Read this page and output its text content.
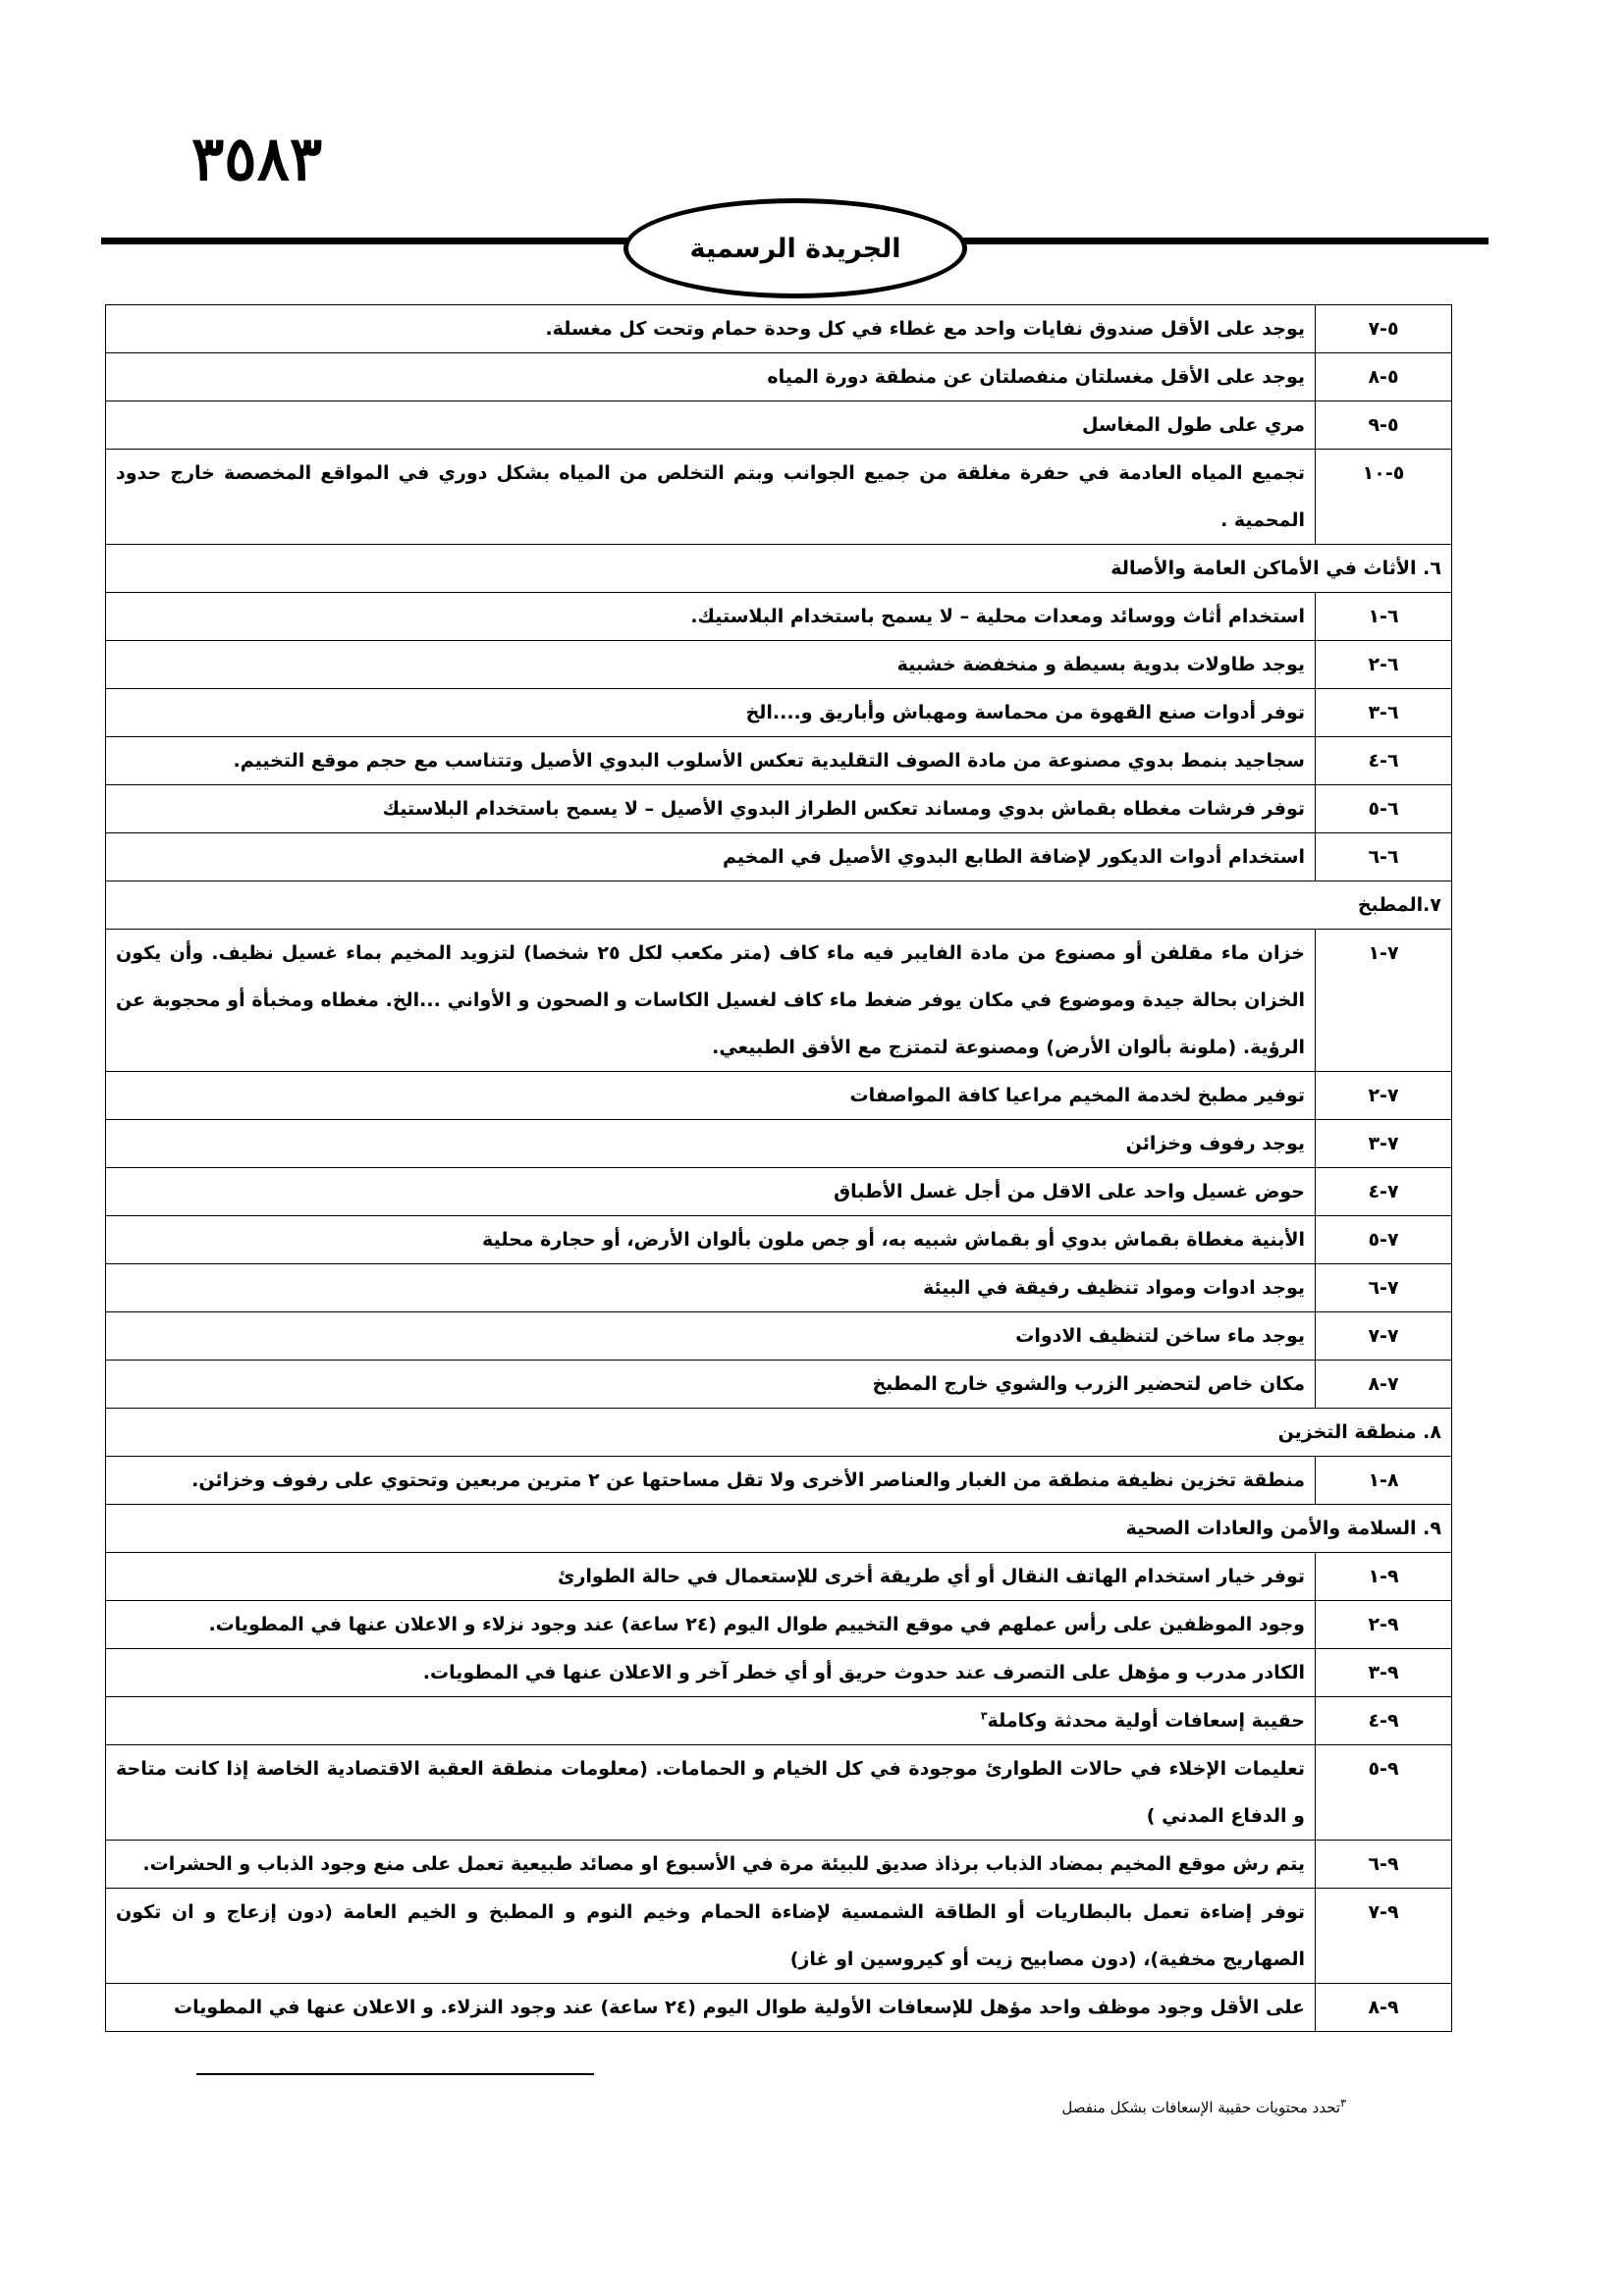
٣٥٨٣
الجريدة الرسمية
٥-٧	يوجد على الأقل صندوق نفايات واحد مع غطاء في كل وحدة حمام وتحت كل مغسلة.
٥-٨	يوجد على الأقل مغسلتان منفصلتان عن منطقة دورة المياه
٥-٩	مري على طول المغاسل
٥-١٠	تجميع المياه العادمة في حفرة مغلقة من جميع الجوانب وبتم التخلص من المياه بشكل دوري في المواقع المخصصة خارج حدود المحمية .
٦. الأثاث في الأماكن العامة والأصالة	
٦-١	استخدام أثاث ووسائد ومعدات محلية – لا يسمح باستخدام البلاستيك.
٦-٢	يوجد طاولات بدوية بسيطة و منخفضة خشبية
٦-٣	توفر أدوات صنع القهوة من محماسة ومهباش وأباريق و....الخ
٦-٤	سجاجيد بنمط بدوي مصنوعة من مادة الصوف التقليدية تعكس الأسلوب البدوي الأصيل وتتناسب مع حجم موقع التخييم.
٦-٥	توفر فرشات مغطاه بقماش بدوي ومساند تعكس الطراز البدوي الأصيل – لا يسمح باستخدام البلاستيك
٦-٦	استخدام أدوات الديكور لإضافة الطابع البدوي الأصيل في المخيم
٧.المطبخ	
٧-١	خزان ماء مقلفن أو مصنوع من مادة الفايبر فيه ماء كاف (متر مكعب لكل ٢٥ شخصا) لتزويد المخيم بماء غسيل نظيف. وأن يكون الخزان بحالة جيدة وموضوع في مكان يوفر ضغط ماء كاف لغسيل الكاسات و الصحون و الأواني ...الخ. مغطاه ومخبأة أو محجوبة عن الرؤية. (ملونة بألوان الأرض) ومصنوعة لتمتزج مع الأفق الطبيعي.
٧-٢	توفير مطبخ لخدمة المخيم مراعيا كافة المواصفات
٧-٣	يوجد رفوف وخزائن
٧-٤	حوض غسيل واحد على الاقل من أجل غسل الأطباق
٧-٥	الأبنية مغطاة بقماش بدوي أو بقماش شبيه به، أو جص ملون بألوان الأرض، أو حجارة محلية
٧-٦	يوجد ادوات ومواد تنظيف رفيقة في البيئة
٧-٧	يوجد ماء ساخن لتنظيف الادوات
٧-٨	مكان خاص لتحضير الزرب والشوي خارج المطبخ
٨. منطقة التخزين	
٨-١	منطقة تخزين نظيفة منطقة من الغبار والعناصر الأخرى ولا تقل مساحتها عن ٢ مترين مربعين وتحتوي على رفوف وخزائن.
٩. السلامة والأمن والعادات الصحية	
٩-١	توفر خيار استخدام الهاتف النقال أو أي طريقة أخرى للإستعمال في حالة الطوارئ
٩-٢	وجود الموظفين على رأس عملهم في موقع التخييم طوال اليوم (٢٤ ساعة) عند وجود نزلاء و الاعلان عنها في المطويات.
٩-٣	الكادر مدرب و مؤهل على التصرف عند حدوث حريق أو أي خطر آخر و الاعلان عنها في المطويات.
٩-٤	حقيبة إسعافات أولية محدثة وكاملة$^٣$
٩-٥	تعليمات الإخلاء في حالات الطوارئ موجودة في كل الخيام و الحمامات. (معلومات منطقة العقبة الاقتصادية الخاصة إذا كانت متاحة و الدفاع المدني )
٩-٦	يتم رش موقع المخيم بمضاد الذباب برذاذ صديق للبيئة مرة في الأسبوع او مصائد طبيعية تعمل على منع وجود الذباب و الحشرات.
٩-٧	توفر إضاءة تعمل بالبطاريات أو الطاقة الشمسية لإضاءة الحمام وخيم النوم و المطبخ و الخيم العامة (دون إزعاج و ان تكون الصهاريج مخفية)، (دون مصابيح زيت أو كيروسين او غاز)
٩-٨	على الأقل وجود موظف واحد مؤهل للإسعافات الأولية طوال اليوم (٢٤ ساعة) عند وجود النزلاء. و الاعلان عنها في المطويات
$^٣$تحدد محتويات حقيبة الإسعافات بشكل منفصل
